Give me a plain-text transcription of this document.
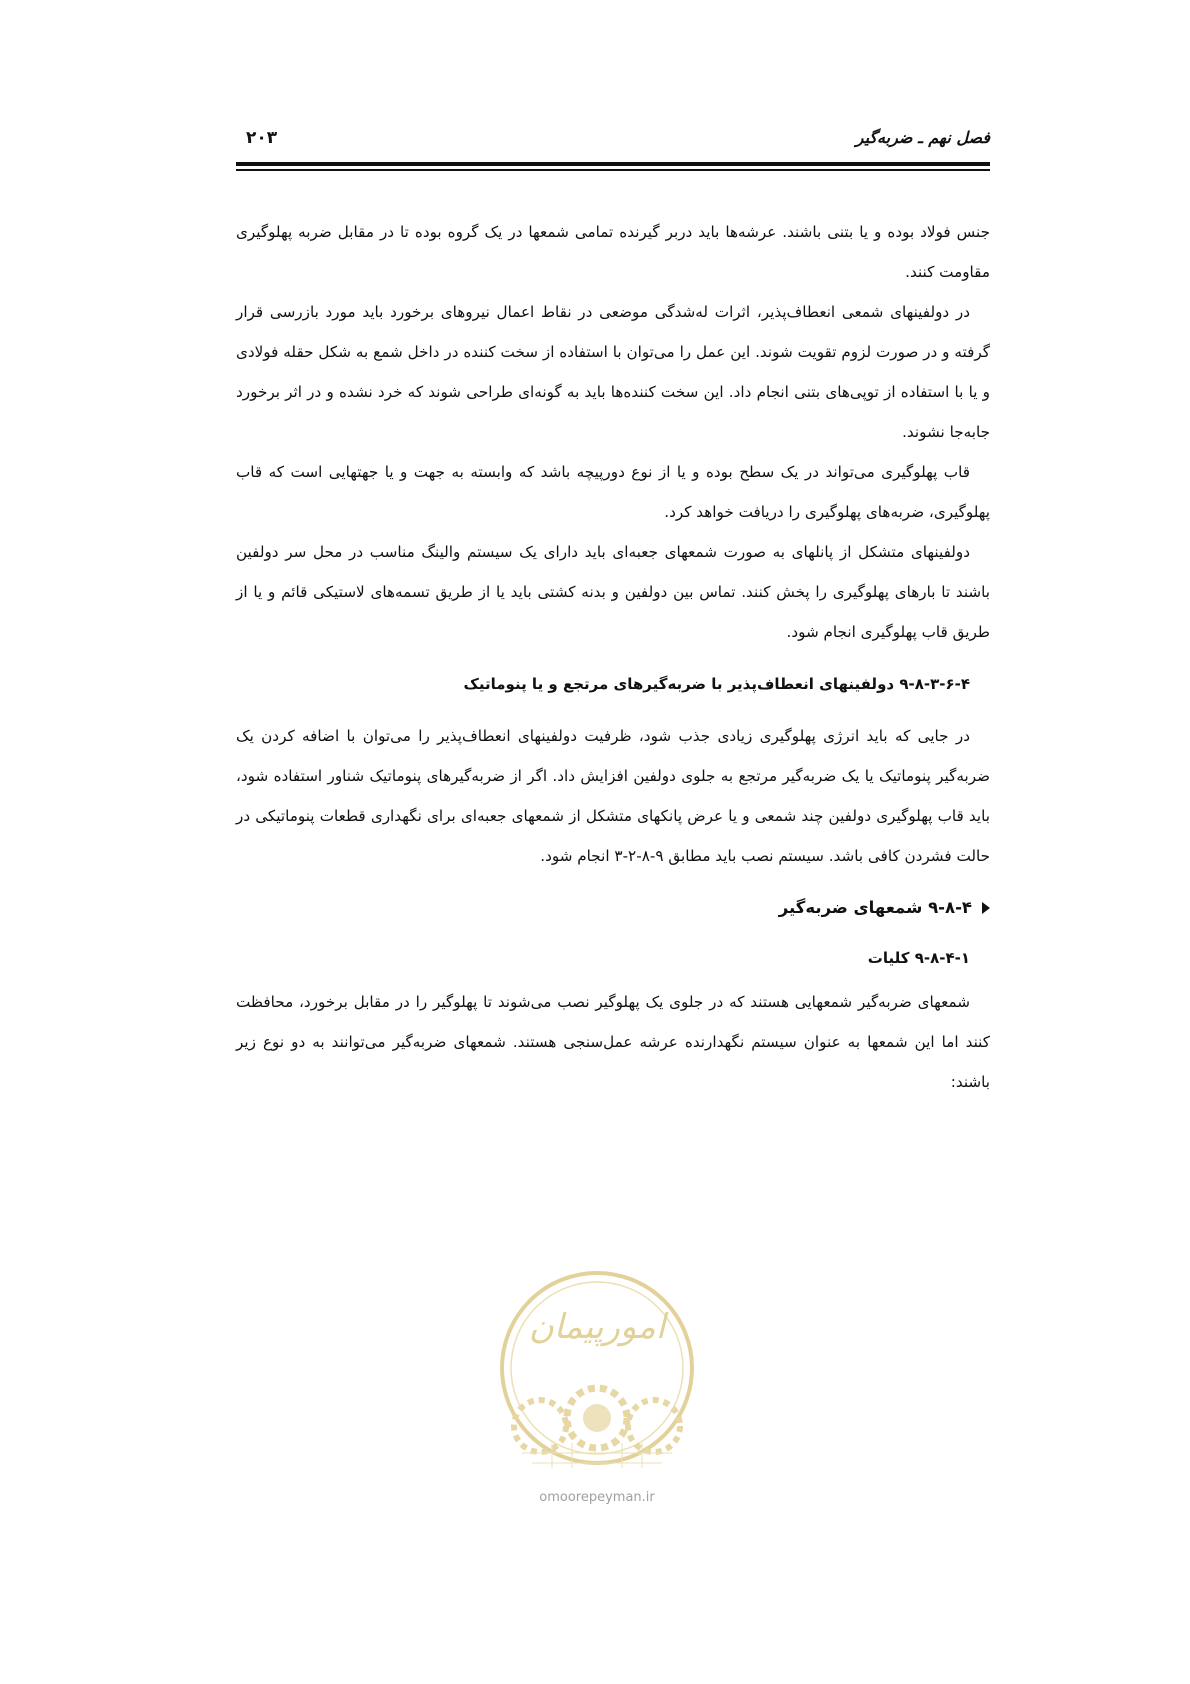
فصل نهم ـ ضربه‌گیر
۲۰۳

جنس فولاد بوده و یا بتنی باشند. عرشه‌ها باید دربر گیرنده تمامی شمعها در یک گروه بوده تا در مقابل ضربه پهلوگیری مقاومت کنند.

در دولفینهای شمعی انعطاف‌پذیر، اثرات له‌شدگی موضعی در نقاط اعمال نیروهای برخورد باید مورد بازرسی قرار گرفته و در صورت لزوم تقویت شوند. این عمل را می‌توان با استفاده از سخت کننده در داخل شمع به شکل حقله فولادی و یا با استفاده از توپی‌های بتنی انجام داد. این سخت کننده‌ها باید به گونه‌ای طراحی شوند که خرد نشده و در اثر برخورد جابه‌جا نشوند.

قاب پهلوگیری می‌تواند در یک سطح بوده و یا از نوع دورپیچه باشد که وابسته به جهت و یا جهتهایی است که قاب پهلوگیری، ضربه‌های پهلوگیری را دریافت خواهد کرد.

دولفینهای متشکل از پانلهای به صورت شمعهای جعبه‌ای باید دارای یک سیستم والینگ مناسب در محل سر دولفین باشند تا بارهای پهلوگیری را پخش کنند. تماس بین دولفین و بدنه کشتی باید یا از طریق تسمه‌های لاستیکی قائم و یا از طریق قاب پهلوگیری انجام شود.

۹-۸-۳-۶-۴ دولفینهای انعطاف‌پذیر با ضربه‌گیرهای مرتجع و یا پنوماتیک

در جایی که باید انرژی پهلوگیری زیادی جذب شود، ظرفیت دولفینهای انعطاف‌پذیر را می‌توان با اضافه کردن یک ضربه‌گیر پنوماتیک یا یک ضربه‌گیر مرتجع به جلوی دولفین افزایش داد. اگر از ضربه‌گیرهای پنوماتیک شناور استفاده شود، باید قاب پهلوگیری دولفین چند شمعی و یا عرض پانکهای متشکل از شمعهای جعبه‌ای برای نگهداری قطعات پنوماتیکی در حالت فشردن کافی باشد. سیستم نصب باید مطابق ۹-۸-۲-۳ انجام شود.

۹-۸-۴ شمعهای ضربه‌گیر
۹-۸-۴-۱ کلیات

شمعهای ضربه‌گیر شمعهایی هستند که در جلوی یک پهلوگیر نصب می‌شوند تا پهلوگیر را در مقابل برخورد، محافظت کنند اما این شمعها به عنوان سیستم نگهدارنده عرشه عمل‌سنجی هستند. شمعهای ضربه‌گیر می‌توانند به دو نوع زیر باشند:

امورپیمان
omoorepeyman.ir
